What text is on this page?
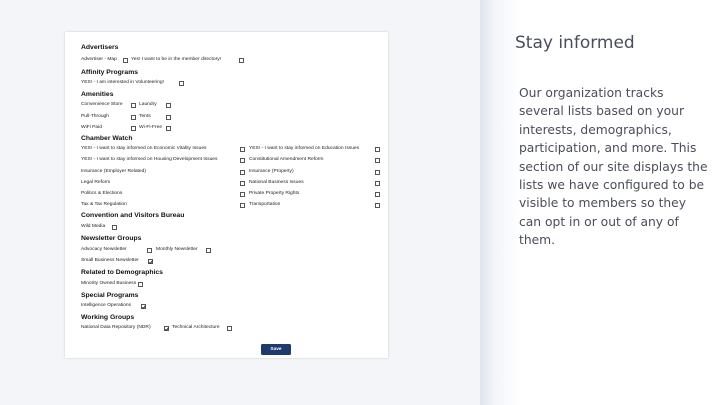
Advertisers
Advertiser - Map	Yes! I want to be in the member directory!
Affinity Programs
YES! - I am interested in Volunteering!
Amenities
Convenience Store	Laundry
Pull-Through	Tents
WiFi Paid	Wi-Fi-Free
Chamber Watch
YES! - I want to stay informed on Economic Vitality Issues	YES! - I want to stay informed on Education Issues
YES! - I want to stay informed on Housing Development Issues	Constitutional Amendment Reform
Insurance (Employer Related)	Insurance (Property)
Legal Reform	National Business Issues
Politics & Elections	Private Property Rights
Tax & Tax Regulation	Transportation
Convention and Visitors Bureau
Wild Media
Newsletter Groups
Advocacy Newsletter	Monthly Newsletter
Small Business Newsletter
Related to Demographics
Minority Owned Business
Special Programs
Intelligence Operations
Working Groups
National Data Repository (NDR)	Technical Architecture
Save
Stay informed

Our organization tracks several lists based on your interests, demographics, participation, and more. This section of our site displays the lists we have configured to be visible to members so they can opt in or out of any of them.
